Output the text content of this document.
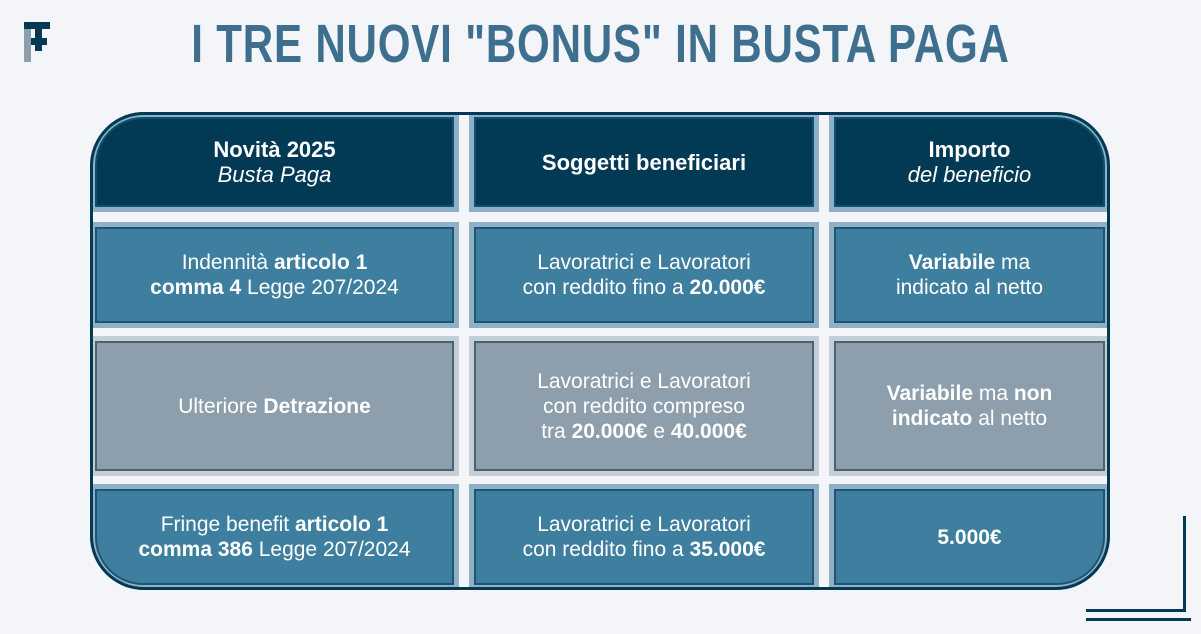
I TRE NUOVI "BONUS" IN BUSTA PAGA
Novità 2025
Busta Paga	Soggetti beneficiari	Importo
del beneficio
Indennità articolo 1
comma 4 Legge 207/2024
Lavoratrici e Lavoratori
con reddito fino a 20.000€
Variabile ma
indicato al netto
Ulteriore Detrazione
Lavoratrici e Lavoratori
con reddito compreso
tra 20.000€ e 40.000€
Variabile ma non
indicato al netto
Fringe benefit articolo 1
comma 386 Legge 207/2024
Lavoratrici e Lavoratori
con reddito fino a 35.000€
5.000€
